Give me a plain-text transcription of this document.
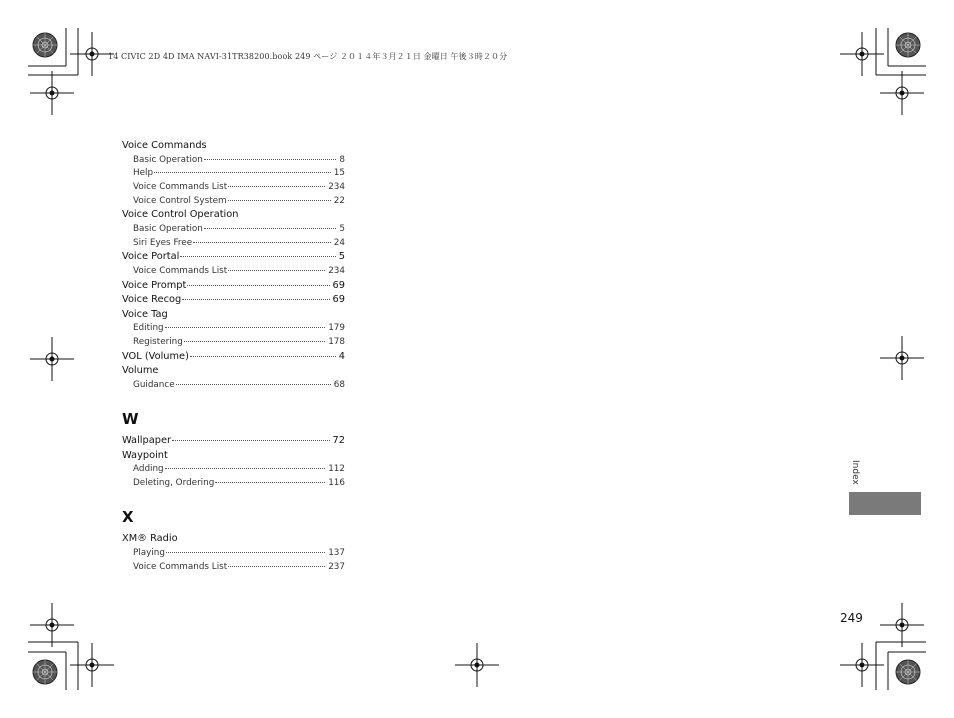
14 CIVIC 2D 4D IMA NAVI-31TR38200.book 249 ページ ２０１４年３月２１日 金曜日 午後３時２０分
Voice Commands
Basic Operation	8
Help	15
Voice Commands List	234
Voice Control System	22
Voice Control Operation
Basic Operation	5
Siri Eyes Free	24
Voice Portal	5
Voice Commands List	234
Voice Prompt	69
Voice Recog	69
Voice Tag
Editing	179
Registering	178
VOL (Volume)	4
Volume
Guidance	68
W
Wallpaper	72
Waypoint
Adding	112
Deleting, Ordering	116
X
XM® Radio
Playing	137
Voice Commands List	237
Index
249
